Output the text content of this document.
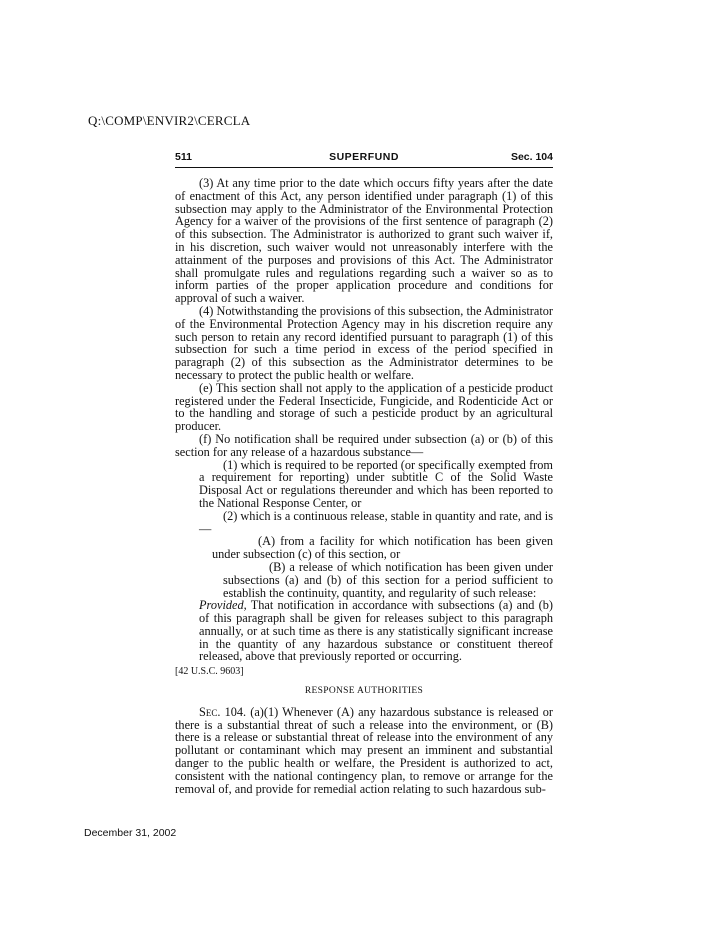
Q:\COMP\ENVIR2\CERCLA
511	SUPERFUND	Sec. 104

(3) At any time prior to the date which occurs fifty years after the date of enactment of this Act, any person identified under paragraph (1) of this subsection may apply to the Administrator of the Environmental Protection Agency for a waiver of the provisions of the first sentence of paragraph (2) of this subsection. The Administrator is authorized to grant such waiver if, in his discretion, such waiver would not unreasonably interfere with the attainment of the purposes and provisions of this Act. The Administrator shall promulgate rules and regulations regarding such a waiver so as to inform parties of the proper application procedure and conditions for approval of such a waiver.

(4) Notwithstanding the provisions of this subsection, the Administrator of the Environmental Protection Agency may in his discretion require any such person to retain any record identified pursuant to paragraph (1) of this subsection for such a time period in excess of the period specified in paragraph (2) of this subsection as the Administrator determines to be necessary to protect the public health or welfare.

(e) This section shall not apply to the application of a pesticide product registered under the Federal Insecticide, Fungicide, and Rodenticide Act or to the handling and storage of such a pesticide product by an agricultural producer.

(f) No notification shall be required under subsection (a) or (b) of this section for any release of a hazardous substance—

(1) which is required to be reported (or specifically exempted from a requirement for reporting) under subtitle C of the Solid Waste Disposal Act or regulations thereunder and which has been reported to the National Response Center, or

(2) which is a continuous release, stable in quantity and rate, and is—

(A) from a facility for which notification has been given under subsection (c) of this section, or

(B) a release of which notification has been given under subsections (a) and (b) of this section for a period sufficient to establish the continuity, quantity, and regularity of such release:

Provided, That notification in accordance with subsections (a) and (b) of this paragraph shall be given for releases subject to this paragraph annually, or at such time as there is any statistically significant increase in the quantity of any hazardous substance or constituent thereof released, above that previously reported or occurring.

[42 U.S.C. 9603]

RESPONSE AUTHORITIES

Sec. 104. (a)(1) Whenever (A) any hazardous substance is released or there is a substantial threat of such a release into the environment, or (B) there is a release or substantial threat of release into the environment of any pollutant or contaminant which may present an imminent and substantial danger to the public health or welfare, the President is authorized to act, consistent with the national contingency plan, to remove or arrange for the removal of, and provide for remedial action relating to such hazardous sub-

December 31, 2002
